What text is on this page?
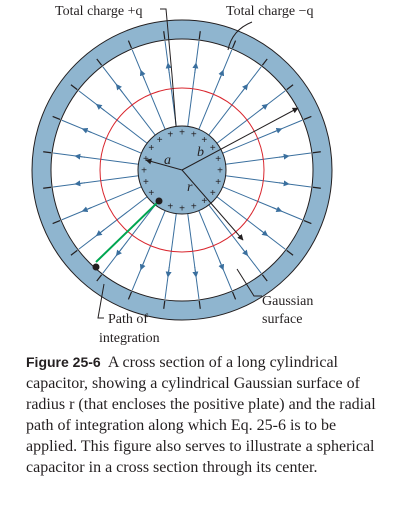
+
+
+
+
+
+
+
+
+
+
+
+
+ + + + +
+
+
a
b
r
Total charge +q	Total charge −q
Gaussian
surface
Path of
integration
Figure 25-6 A cross section of a long cylindrical capacitor, showing a cylindrical Gaussian surface of radius r (that encloses the positive plate) and the radial path of integration along which Eq. 25-6 is to be applied. This figure also serves to illustrate a spherical capacitor in a cross section through its center.
